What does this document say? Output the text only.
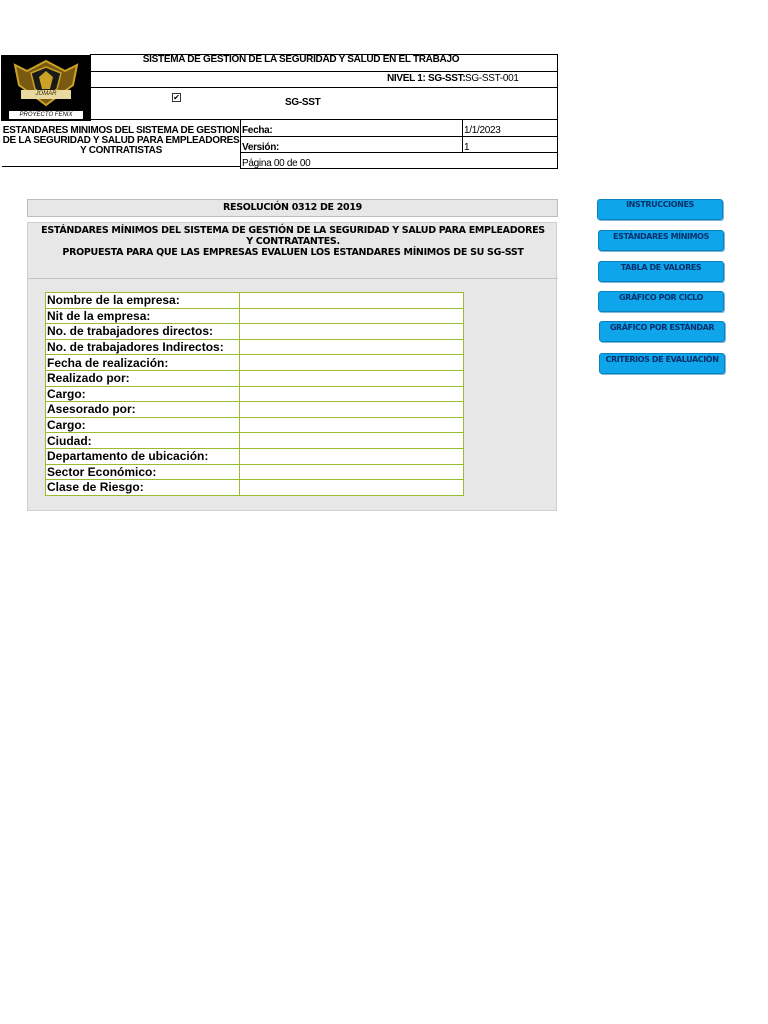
JOMAR
PROYECTO FENIX
SISTEMA DE GESTION DE LA SEGURIDAD Y SALUD EN EL TRABAJO
NIVEL 1: SG-SST: SG-SST-001
✔	SG-SST
ESTANDARES MINIMOS DEL SISTEMA DE GESTION DE LA SEGURIDAD Y SALUD PARA EMPLEADORES Y CONTRATISTAS
Fecha:	1/1/2023
Versión:	1
Página 00 de 00
RESOLUCIÓN 0312 DE 2019
ESTÁNDARES MÍNIMOS DEL SISTEMA DE GESTIÓN DE LA SEGURIDAD Y SALUD PARA EMPLEADORES Y CONTRATANTES.
PROPUESTA PARA QUE LAS EMPRESAS EVALUEN LOS ESTANDARES MÍNIMOS DE SU SG-SST
Nombre de la empresa:	
Nit de la empresa:	
No. de trabajadores directos:	
No. de trabajadores Indirectos:	
Fecha de realización:	
Realizado por:	
Cargo:	
Asesorado por:	
Cargo:	
Ciudad:	
Departamento de ubicación:	
Sector Económico:	
Clase de Riesgo:	
INSTRUCCIONES
ESTÁNDARES MÍNIMOS
TABLA DE VALORES
GRÁFICO POR CICLO
GRÁFICO POR ESTÁNDAR
CRITERIOS DE EVALUACIÓN
